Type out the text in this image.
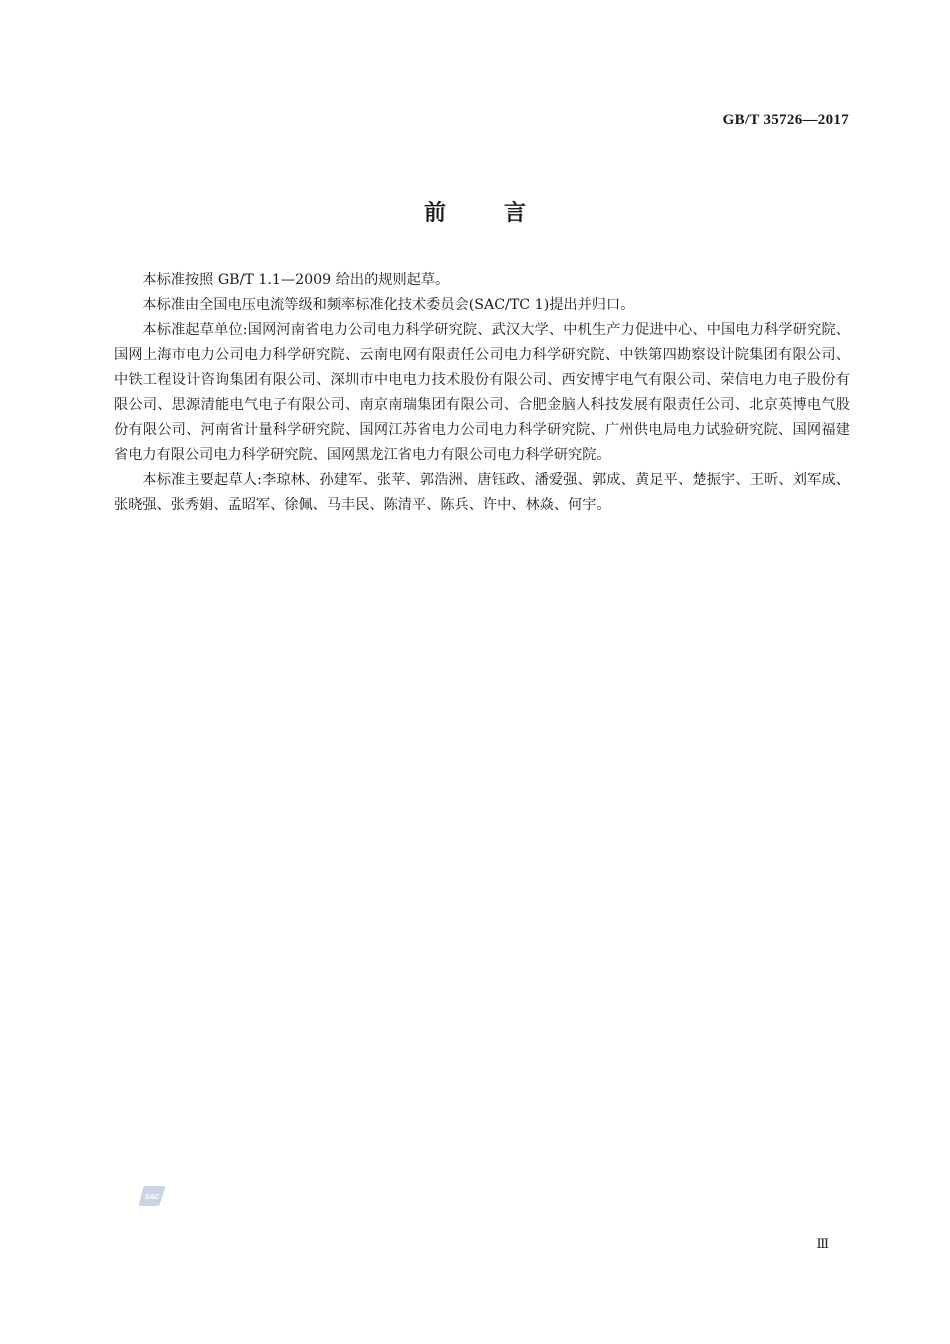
GB/T 35726—2017
前言

本标准按照 GB/T 1.1—2009 给出的规则起草。

本标准由全国电压电流等级和频率标准化技术委员会(SAC/TC 1)提出并归口。

本标准起草单位:国网河南省电力公司电力科学研究院、武汉大学、中机生产力促进中心、中国电力科学研究院、国网上海市电力公司电力科学研究院、云南电网有限责任公司电力科学研究院、中铁第四勘察设计院集团有限公司、中铁工程设计咨询集团有限公司、深圳市中电电力技术股份有限公司、西安博宇电气有限公司、荣信电力电子股份有限公司、思源清能电气电子有限公司、南京南瑞集团有限公司、合肥金脑人科技发展有限责任公司、北京英博电气股份有限公司、河南省计量科学研究院、国网江苏省电力公司电力科学研究院、广州供电局电力试验研究院、国网福建省电力有限公司电力科学研究院、国网黑龙江省电力有限公司电力科学研究院。

本标准主要起草人:李琼林、孙建军、张苹、郭浩洲、唐钰政、潘爱强、郭成、黄足平、楚振宇、王昕、刘军成、张晓强、张秀娟、孟昭军、徐佩、马丰民、陈清平、陈兵、许中、林焱、何宇。

SAC
Ⅲ
